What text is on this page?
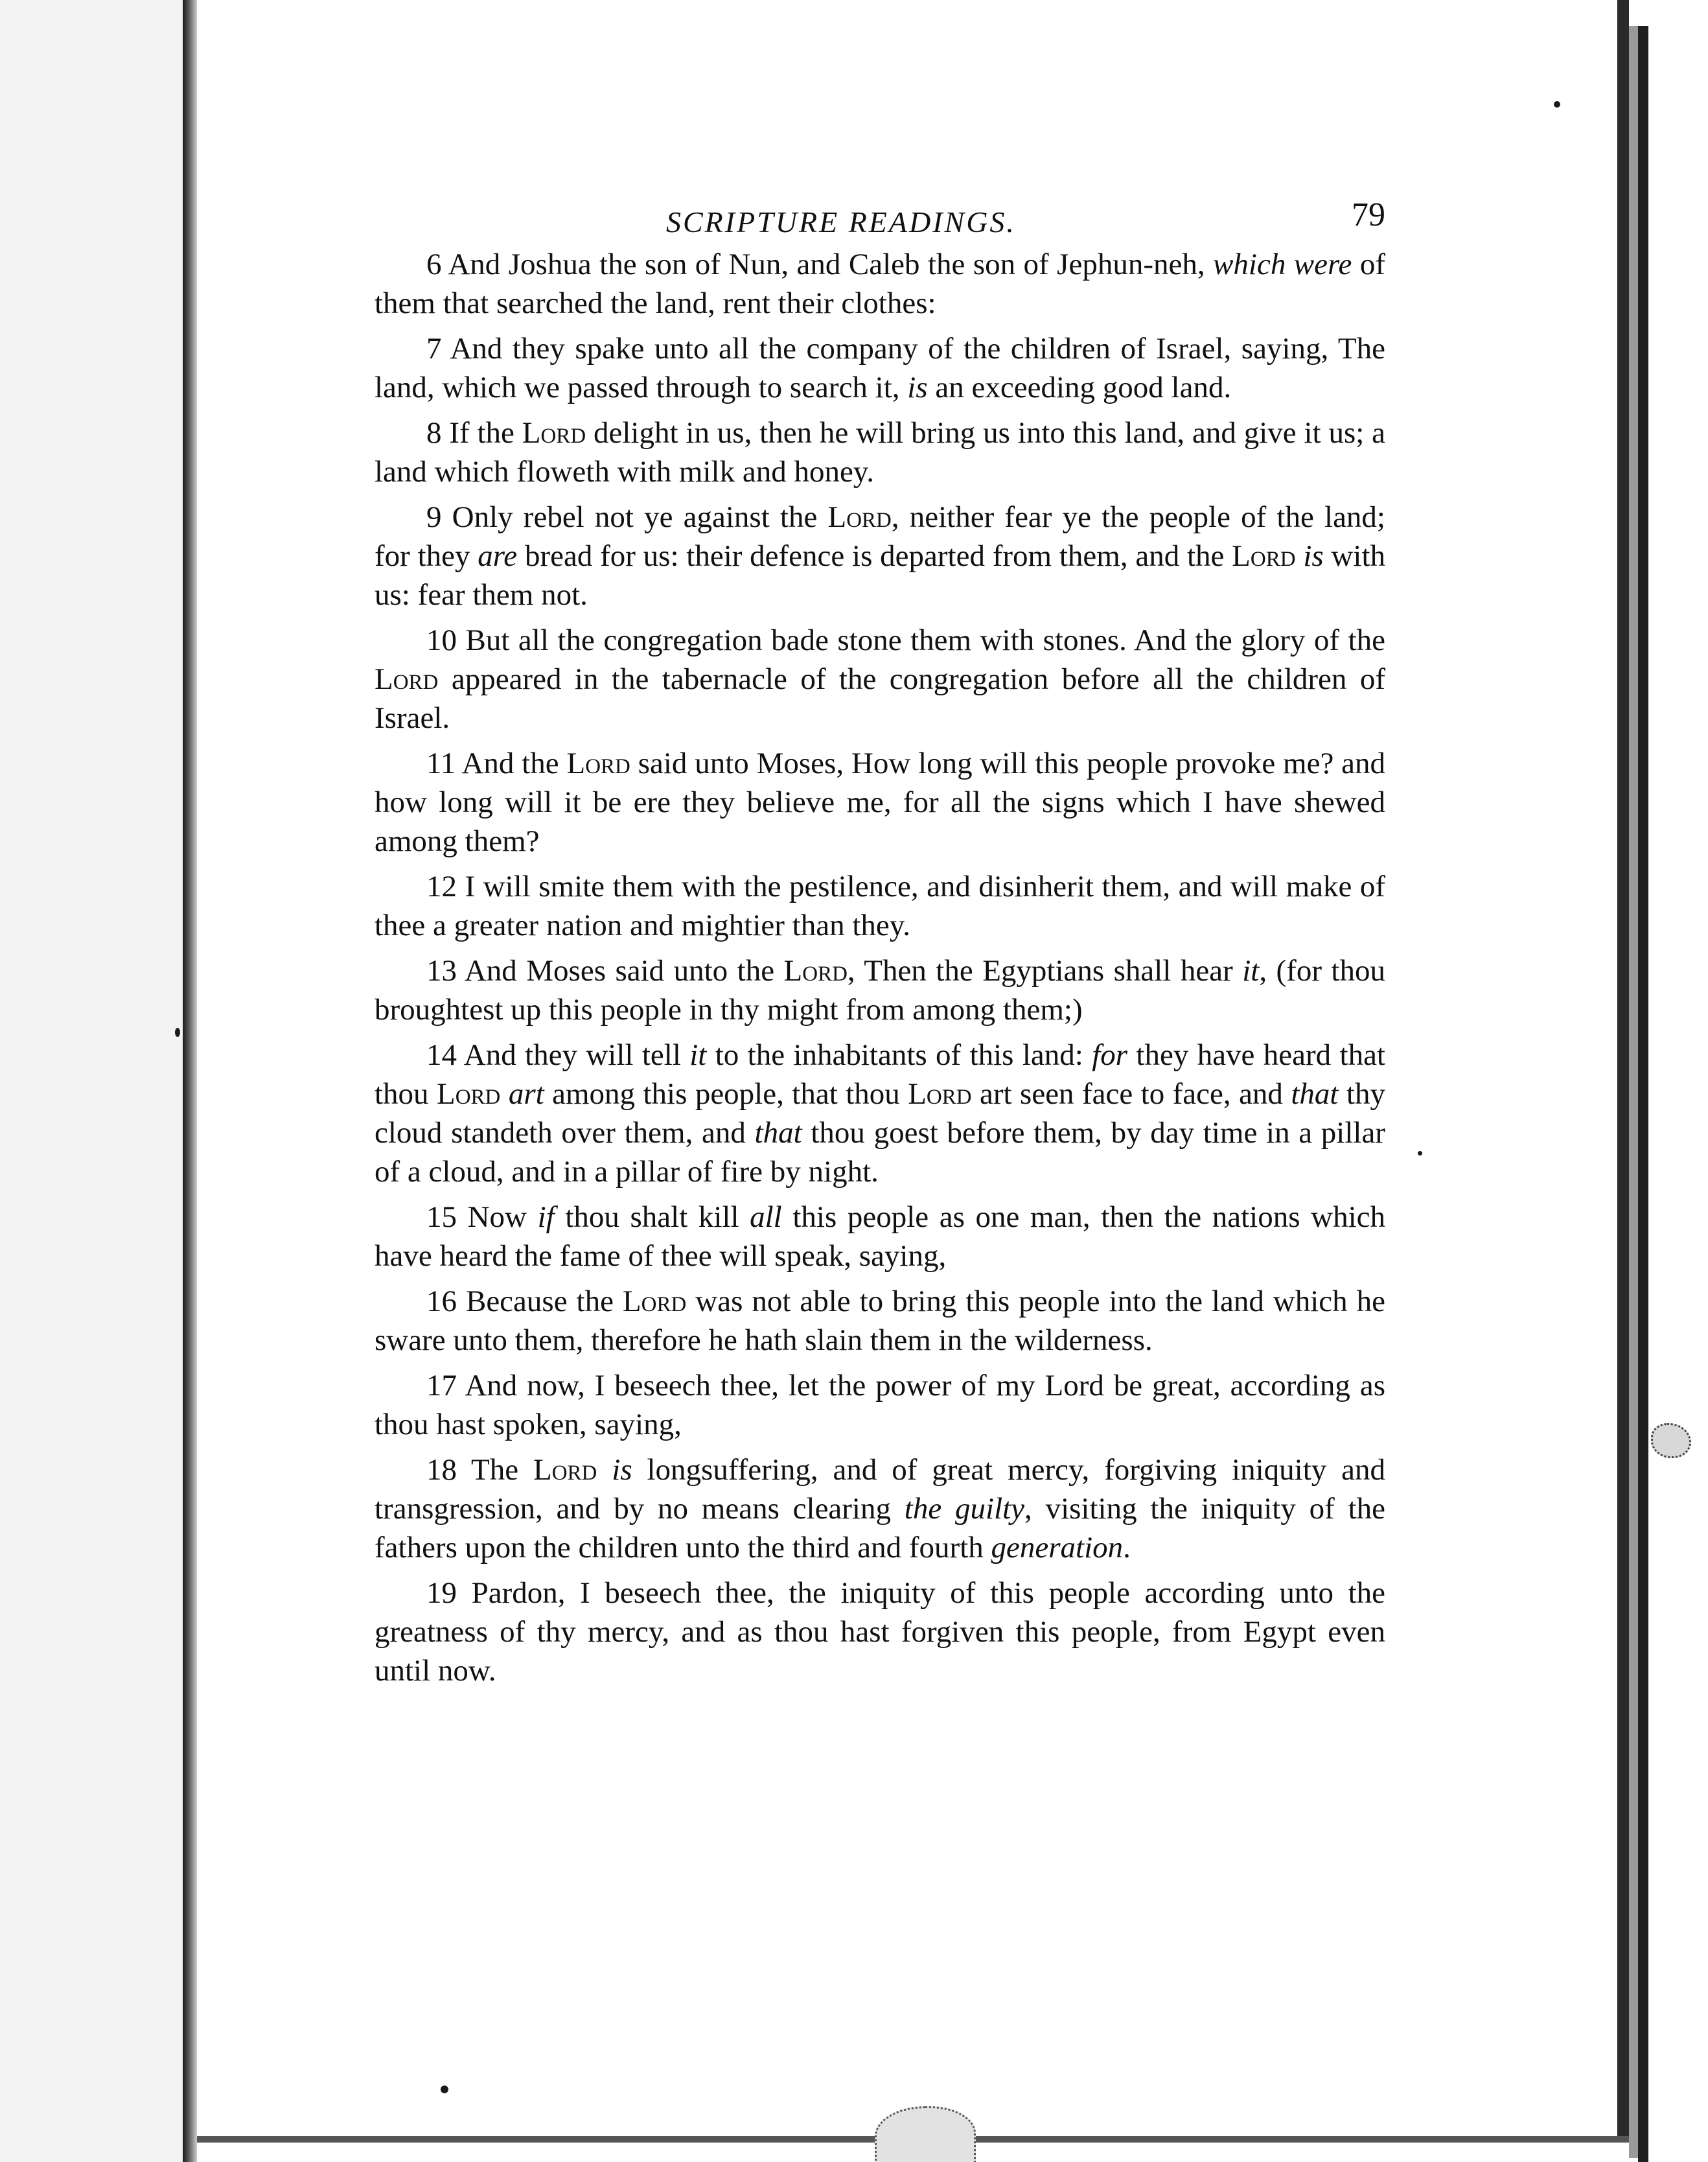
SCRIPTURE READINGS.	79

6 And Joshua the son of Nun, and Caleb the son of Jephun-neh, which were of them that searched the land, rent their clothes:

7 And they spake unto all the company of the children of Israel, saying, The land, which we passed through to search it, is an exceeding good land.

8 If the Lord delight in us, then he will bring us into this land, and give it us; a land which floweth with milk and honey.

9 Only rebel not ye against the Lord, neither fear ye the people of the land; for they are bread for us: their defence is departed from them, and the Lord is with us: fear them not.

10 But all the congregation bade stone them with stones. And the glory of the Lord appeared in the tabernacle of the congregation before all the children of Israel.

11 And the Lord said unto Moses, How long will this people provoke me? and how long will it be ere they believe me, for all the signs which I have shewed among them?

12 I will smite them with the pestilence, and disinherit them, and will make of thee a greater nation and mightier than they.

13 And Moses said unto the Lord, Then the Egyptians shall hear it, (for thou broughtest up this people in thy might from among them;)

14 And they will tell it to the inhabitants of this land: for they have heard that thou Lord art among this people, that thou Lord art seen face to face, and that thy cloud standeth over them, and that thou goest before them, by day time in a pillar of a cloud, and in a pillar of fire by night.

15 Now if thou shalt kill all this people as one man, then the nations which have heard the fame of thee will speak, saying,

16 Because the Lord was not able to bring this people into the land which he sware unto them, therefore he hath slain them in the wilderness.

17 And now, I beseech thee, let the power of my Lord be great, according as thou hast spoken, saying,

18 The Lord is longsuffering, and of great mercy, forgiving iniquity and transgression, and by no means clearing the guilty, visiting the iniquity of the fathers upon the children unto the third and fourth generation.

19 Pardon, I beseech thee, the iniquity of this people according unto the greatness of thy mercy, and as thou hast forgiven this people, from Egypt even until now.
